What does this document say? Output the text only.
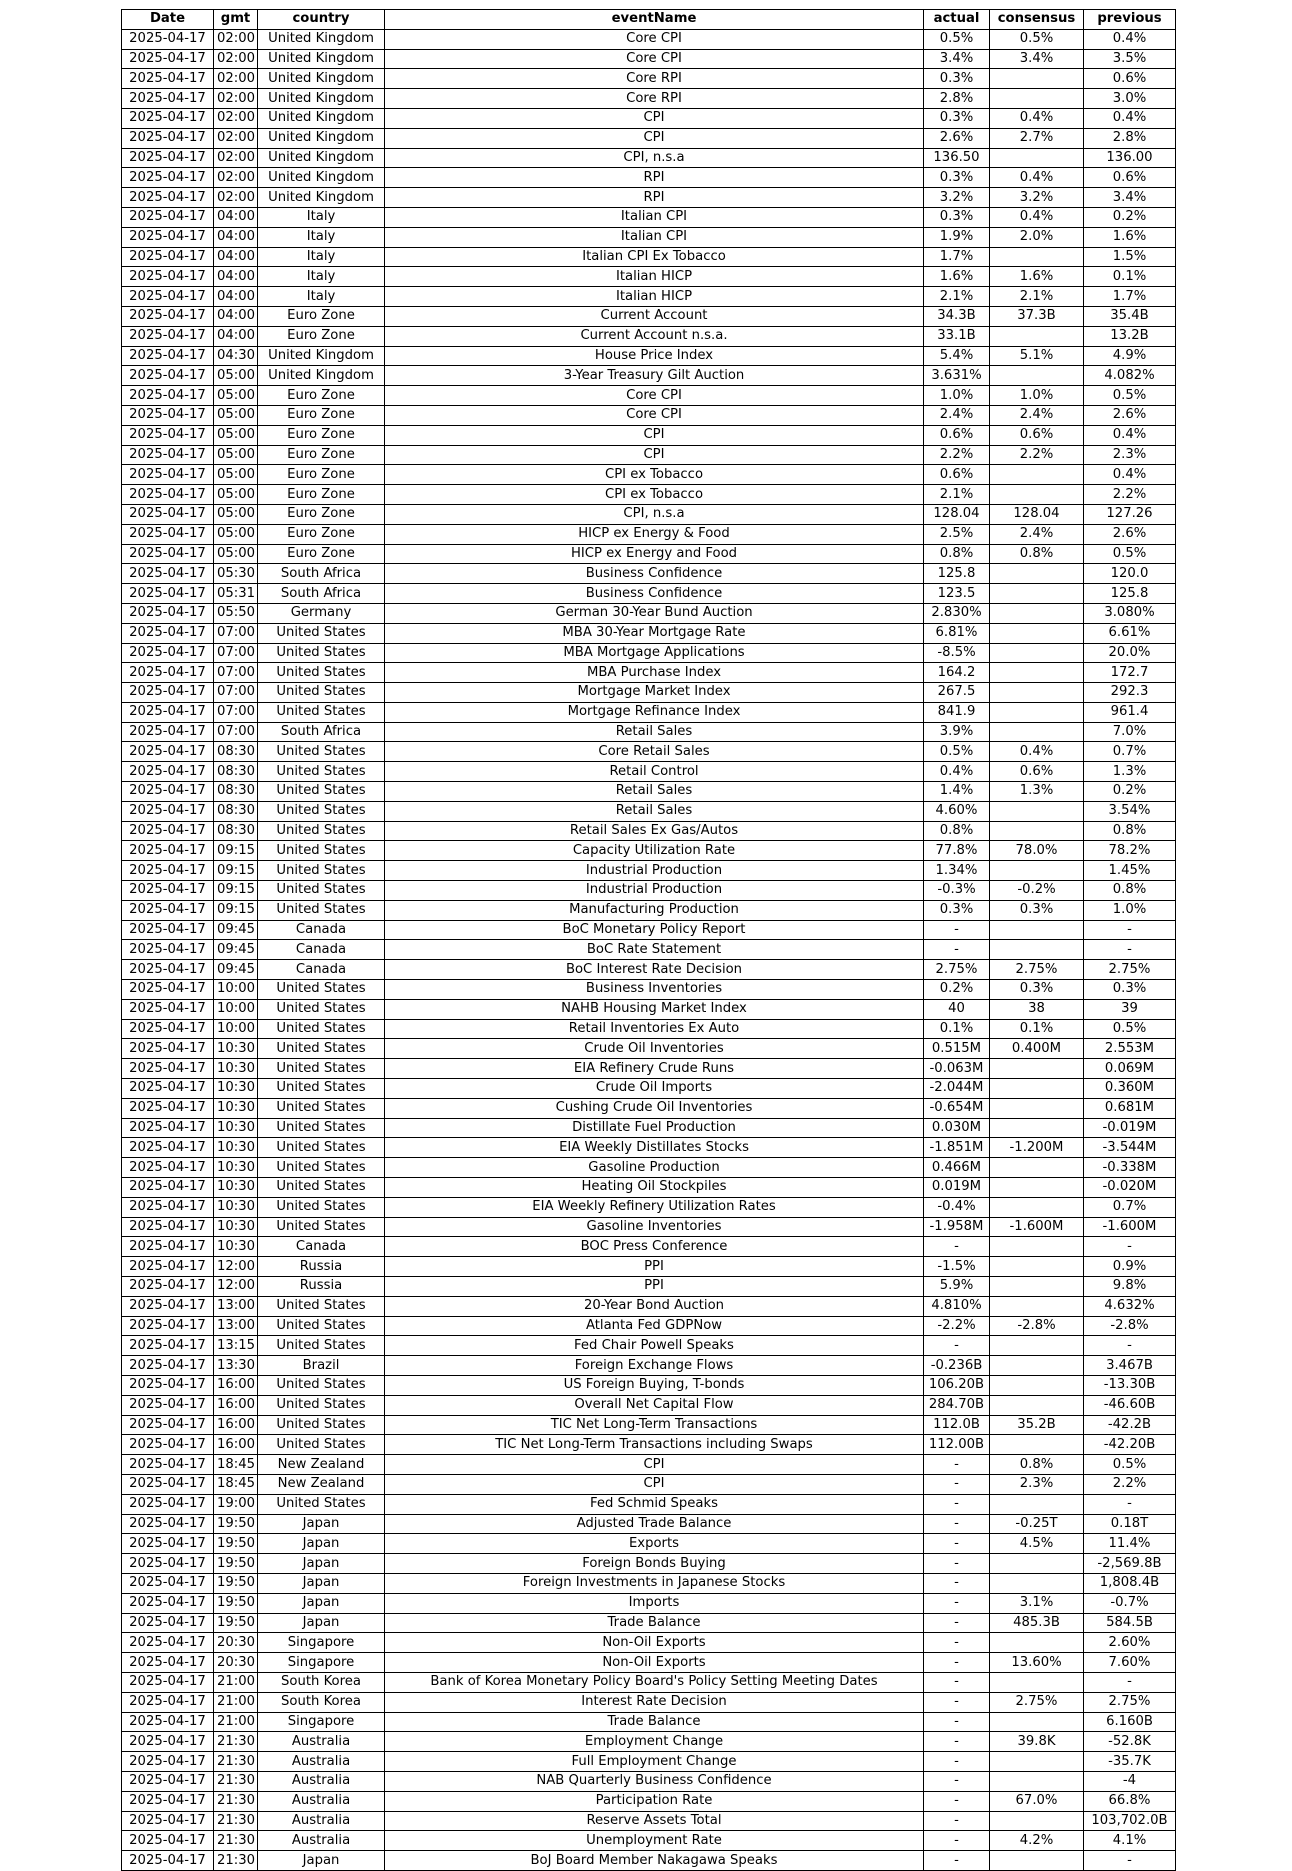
Date	gmt	country	eventName	actual	consensus	previous
2025-04-17	02:00	United Kingdom	Core CPI	0.5%	0.5%	0.4%
2025-04-17	02:00	United Kingdom	Core CPI	3.4%	3.4%	3.5%
2025-04-17	02:00	United Kingdom	Core RPI	0.3%		0.6%
2025-04-17	02:00	United Kingdom	Core RPI	2.8%		3.0%
2025-04-17	02:00	United Kingdom	CPI	0.3%	0.4%	0.4%
2025-04-17	02:00	United Kingdom	CPI	2.6%	2.7%	2.8%
2025-04-17	02:00	United Kingdom	CPI, n.s.a	136.50		136.00
2025-04-17	02:00	United Kingdom	RPI	0.3%	0.4%	0.6%
2025-04-17	02:00	United Kingdom	RPI	3.2%	3.2%	3.4%
2025-04-17	04:00	Italy	Italian CPI	0.3%	0.4%	0.2%
2025-04-17	04:00	Italy	Italian CPI	1.9%	2.0%	1.6%
2025-04-17	04:00	Italy	Italian CPI Ex Tobacco	1.7%		1.5%
2025-04-17	04:00	Italy	Italian HICP	1.6%	1.6%	0.1%
2025-04-17	04:00	Italy	Italian HICP	2.1%	2.1%	1.7%
2025-04-17	04:00	Euro Zone	Current Account	34.3B	37.3B	35.4B
2025-04-17	04:00	Euro Zone	Current Account n.s.a.	33.1B		13.2B
2025-04-17	04:30	United Kingdom	House Price Index	5.4%	5.1%	4.9%
2025-04-17	05:00	United Kingdom	3-Year Treasury Gilt Auction	3.631%		4.082%
2025-04-17	05:00	Euro Zone	Core CPI	1.0%	1.0%	0.5%
2025-04-17	05:00	Euro Zone	Core CPI	2.4%	2.4%	2.6%
2025-04-17	05:00	Euro Zone	CPI	0.6%	0.6%	0.4%
2025-04-17	05:00	Euro Zone	CPI	2.2%	2.2%	2.3%
2025-04-17	05:00	Euro Zone	CPI ex Tobacco	0.6%		0.4%
2025-04-17	05:00	Euro Zone	CPI ex Tobacco	2.1%		2.2%
2025-04-17	05:00	Euro Zone	CPI, n.s.a	128.04	128.04	127.26
2025-04-17	05:00	Euro Zone	HICP ex Energy & Food	2.5%	2.4%	2.6%
2025-04-17	05:00	Euro Zone	HICP ex Energy and Food	0.8%	0.8%	0.5%
2025-04-17	05:30	South Africa	Business Confidence	125.8		120.0
2025-04-17	05:31	South Africa	Business Confidence	123.5		125.8
2025-04-17	05:50	Germany	German 30-Year Bund Auction	2.830%		3.080%
2025-04-17	07:00	United States	MBA 30-Year Mortgage Rate	6.81%		6.61%
2025-04-17	07:00	United States	MBA Mortgage Applications	-8.5%		20.0%
2025-04-17	07:00	United States	MBA Purchase Index	164.2		172.7
2025-04-17	07:00	United States	Mortgage Market Index	267.5		292.3
2025-04-17	07:00	United States	Mortgage Refinance Index	841.9		961.4
2025-04-17	07:00	South Africa	Retail Sales	3.9%		7.0%
2025-04-17	08:30	United States	Core Retail Sales	0.5%	0.4%	0.7%
2025-04-17	08:30	United States	Retail Control	0.4%	0.6%	1.3%
2025-04-17	08:30	United States	Retail Sales	1.4%	1.3%	0.2%
2025-04-17	08:30	United States	Retail Sales	4.60%		3.54%
2025-04-17	08:30	United States	Retail Sales Ex Gas/Autos	0.8%		0.8%
2025-04-17	09:15	United States	Capacity Utilization Rate	77.8%	78.0%	78.2%
2025-04-17	09:15	United States	Industrial Production	1.34%		1.45%
2025-04-17	09:15	United States	Industrial Production	-0.3%	-0.2%	0.8%
2025-04-17	09:15	United States	Manufacturing Production	0.3%	0.3%	1.0%
2025-04-17	09:45	Canada	BoC Monetary Policy Report	-		-
2025-04-17	09:45	Canada	BoC Rate Statement	-		-
2025-04-17	09:45	Canada	BoC Interest Rate Decision	2.75%	2.75%	2.75%
2025-04-17	10:00	United States	Business Inventories	0.2%	0.3%	0.3%
2025-04-17	10:00	United States	NAHB Housing Market Index	40	38	39
2025-04-17	10:00	United States	Retail Inventories Ex Auto	0.1%	0.1%	0.5%
2025-04-17	10:30	United States	Crude Oil Inventories	0.515M	0.400M	2.553M
2025-04-17	10:30	United States	EIA Refinery Crude Runs	-0.063M		0.069M
2025-04-17	10:30	United States	Crude Oil Imports	-2.044M		0.360M
2025-04-17	10:30	United States	Cushing Crude Oil Inventories	-0.654M		0.681M
2025-04-17	10:30	United States	Distillate Fuel Production	0.030M		-0.019M
2025-04-17	10:30	United States	EIA Weekly Distillates Stocks	-1.851M	-1.200M	-3.544M
2025-04-17	10:30	United States	Gasoline Production	0.466M		-0.338M
2025-04-17	10:30	United States	Heating Oil Stockpiles	0.019M		-0.020M
2025-04-17	10:30	United States	EIA Weekly Refinery Utilization Rates	-0.4%		0.7%
2025-04-17	10:30	United States	Gasoline Inventories	-1.958M	-1.600M	-1.600M
2025-04-17	10:30	Canada	BOC Press Conference	-		-
2025-04-17	12:00	Russia	PPI	-1.5%		0.9%
2025-04-17	12:00	Russia	PPI	5.9%		9.8%
2025-04-17	13:00	United States	20-Year Bond Auction	4.810%		4.632%
2025-04-17	13:00	United States	Atlanta Fed GDPNow	-2.2%	-2.8%	-2.8%
2025-04-17	13:15	United States	Fed Chair Powell Speaks	-		-
2025-04-17	13:30	Brazil	Foreign Exchange Flows	-0.236B		3.467B
2025-04-17	16:00	United States	US Foreign Buying, T-bonds	106.20B		-13.30B
2025-04-17	16:00	United States	Overall Net Capital Flow	284.70B		-46.60B
2025-04-17	16:00	United States	TIC Net Long-Term Transactions	112.0B	35.2B	-42.2B
2025-04-17	16:00	United States	TIC Net Long-Term Transactions including Swaps	112.00B		-42.20B
2025-04-17	18:45	New Zealand	CPI	-	0.8%	0.5%
2025-04-17	18:45	New Zealand	CPI	-	2.3%	2.2%
2025-04-17	19:00	United States	Fed Schmid Speaks	-		-
2025-04-17	19:50	Japan	Adjusted Trade Balance	-	-0.25T	0.18T
2025-04-17	19:50	Japan	Exports	-	4.5%	11.4%
2025-04-17	19:50	Japan	Foreign Bonds Buying	-		-2,569.8B
2025-04-17	19:50	Japan	Foreign Investments in Japanese Stocks	-		1,808.4B
2025-04-17	19:50	Japan	Imports	-	3.1%	-0.7%
2025-04-17	19:50	Japan	Trade Balance	-	485.3B	584.5B
2025-04-17	20:30	Singapore	Non-Oil Exports	-		2.60%
2025-04-17	20:30	Singapore	Non-Oil Exports	-	13.60%	7.60%
2025-04-17	21:00	South Korea	Bank of Korea Monetary Policy Board's Policy Setting Meeting Dates	-		-
2025-04-17	21:00	South Korea	Interest Rate Decision	-	2.75%	2.75%
2025-04-17	21:00	Singapore	Trade Balance	-		6.160B
2025-04-17	21:30	Australia	Employment Change	-	39.8K	-52.8K
2025-04-17	21:30	Australia	Full Employment Change	-		-35.7K
2025-04-17	21:30	Australia	NAB Quarterly Business Confidence	-		-4
2025-04-17	21:30	Australia	Participation Rate	-	67.0%	66.8%
2025-04-17	21:30	Australia	Reserve Assets Total	-		103,702.0B
2025-04-17	21:30	Australia	Unemployment Rate	-	4.2%	4.1%
2025-04-17	21:30	Japan	BoJ Board Member Nakagawa Speaks	-		-
